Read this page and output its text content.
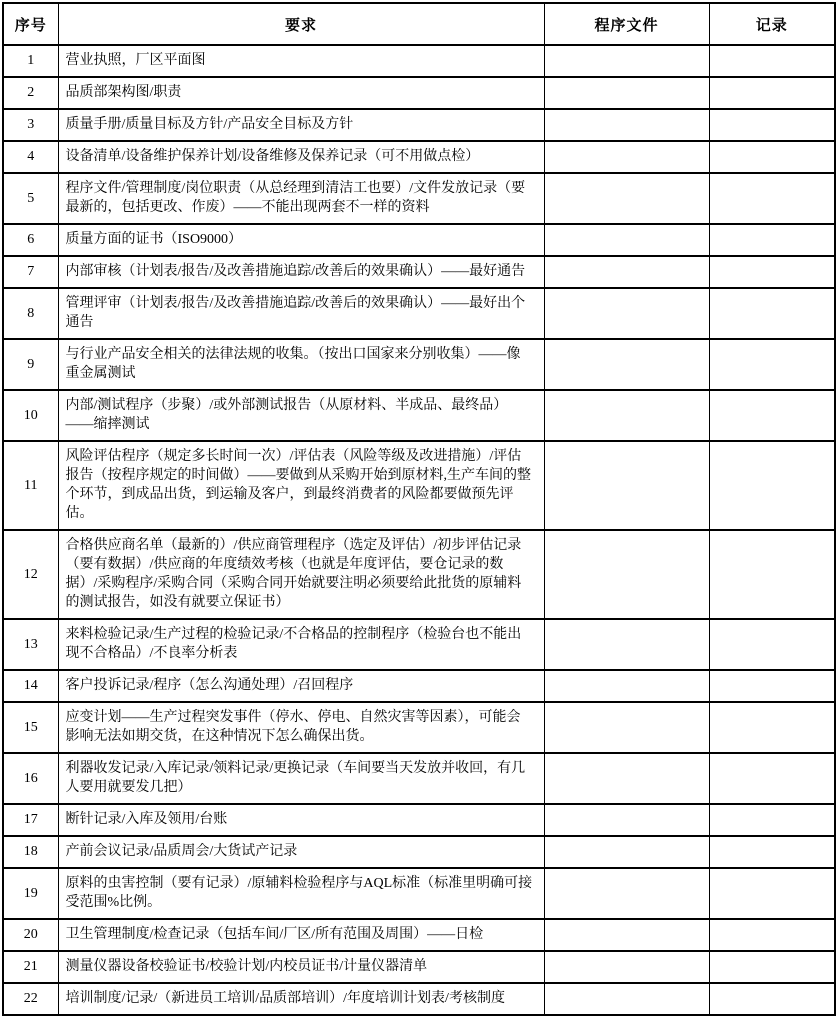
序号	要求	程序文件	记录
1	营业执照，厂区平面图		
2	品质部架构图/职责		
3	质量手册/质量目标及方针/产品安全目标及方针		
4	设备清单/设备维护保养计划/设备维修及保养记录（可不用做点检）		
5	程序文件/管理制度/岗位职责（从总经理到清洁工也要）/文件发放记录（要最新的，包括更改、作废）——不能出现两套不一样的资料		
6	质量方面的证书（ISO9000）		
7	内部审核（计划表/报告/及改善措施追踪/改善后的效果确认）——最好通告		
8	管理评审（计划表/报告/及改善措施追踪/改善后的效果确认）——最好出个通告		
9	与行业产品安全相关的法律法规的收集。（按出口国家来分别收集）——像重金属测试		
10	内部/测试程序（步聚）/或外部测试报告（从原材料、半成品、最终品）——缩摔测试		
11	风险评估程序（规定多长时间一次）/评估表（风险等级及改进措施）/评估报告（按程序规定的时间做）——要做到从采购开始到原材料,生产车间的整个环节，到成品出货，到运输及客户，到最终消费者的风险都要做预先评估。		
12	合格供应商名单（最新的）/供应商管理程序（选定及评估）/初步评估记录（要有数据）/供应商的年度绩效考核（也就是年度评估，要仓记录的数据）/采购程序/采购合同（采购合同开始就要注明必须要给此批货的原辅料的测试报告，如没有就要立保证书）		
13	来料检验记录/生产过程的检验记录/不合格品的控制程序（检验台也不能出现不合格品）/不良率分析表		
14	客户投诉记录/程序（怎么沟通处理）/召回程序		
15	应变计划——生产过程突发事件（停水、停电、自然灾害等因素），可能会影响无法如期交货，在这种情况下怎么确保出货。		
16	利器收发记录/入库记录/领料记录/更换记录（车间要当天发放并收回，有几人要用就要发几把）		
17	断针记录/入库及领用/台账		
18	产前会议记录/品质周会/大货试产记录		
19	原料的虫害控制（要有记录）/原辅料检验程序与AQL标准（标准里明确可接受范围%比例。		
20	卫生管理制度/检查记录（包括车间/厂区/所有范围及周围）——日检		
21	测量仪器设备校验证书/校验计划/内校员证书/计量仪器清单		
22	培训制度/记录/（新进员工培训/品质部培训）/年度培训计划表/考核制度		
